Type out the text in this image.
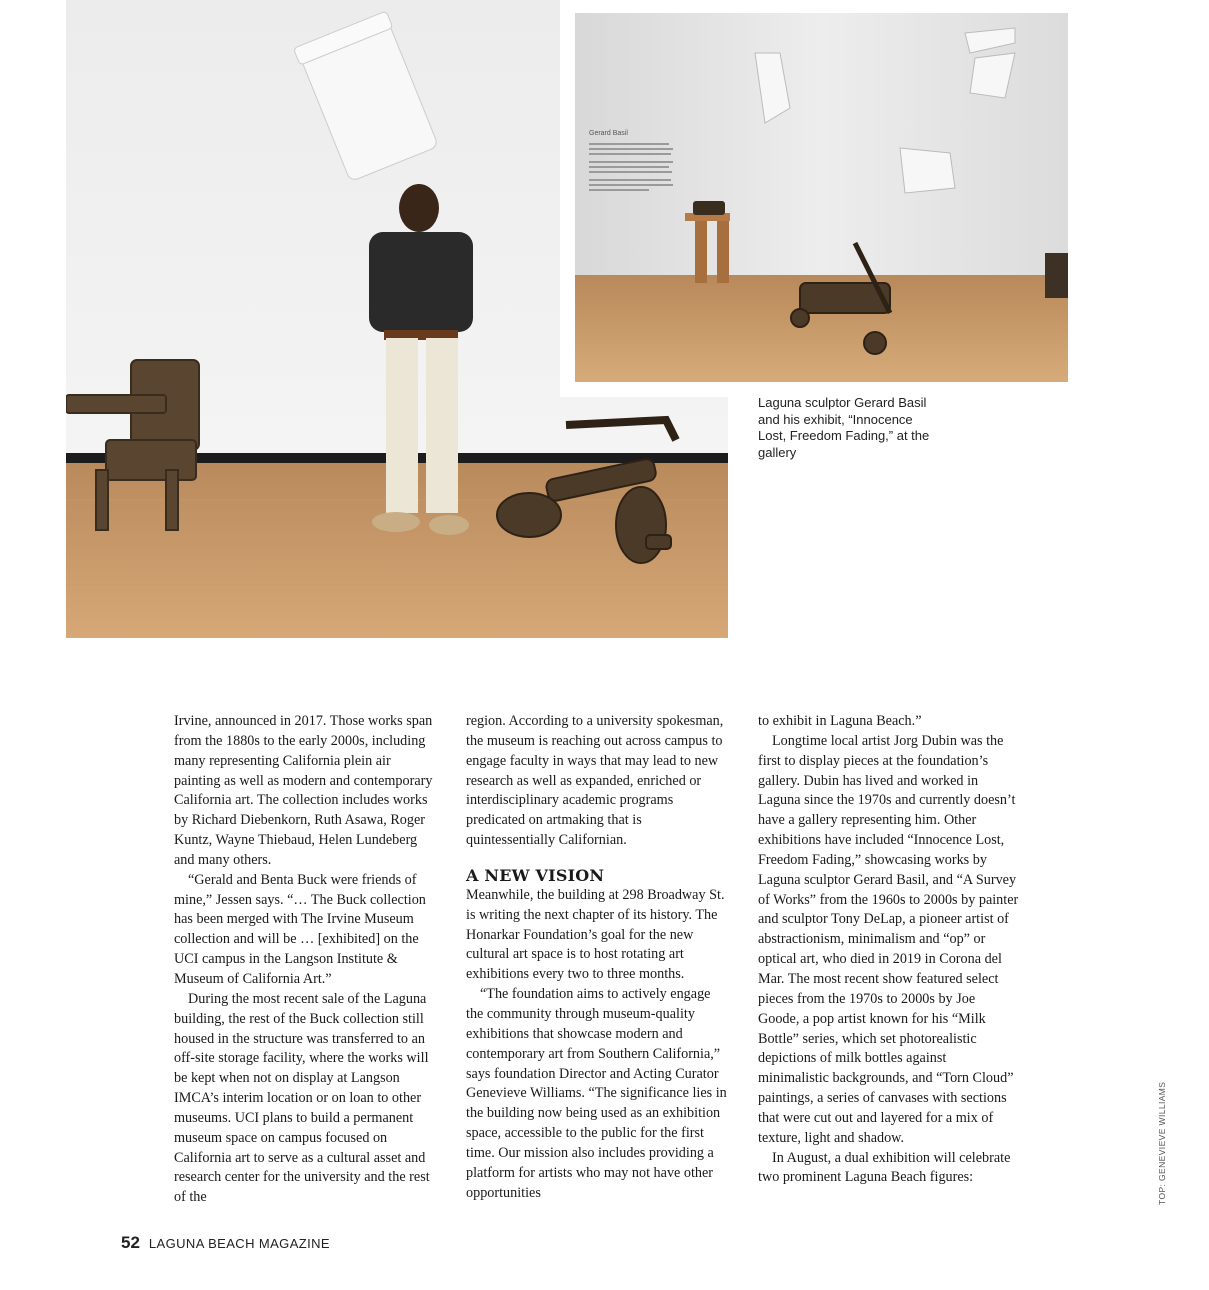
Gerard Basil
Laguna sculptor Gerard Basil and his exhibit, “Innocence Lost, Freedom Fading,” at the gallery

Irvine, announced in 2017. Those works span from the 1880s to the early 2000s, including many representing California plein air painting as well as modern and contemporary California art. The collection includes works by Richard Diebenkorn, Ruth Asawa, Roger Kuntz, Wayne Thiebaud, Helen Lundeberg and many others.

“Gerald and Benta Buck were friends of mine,” Jessen says. “… The Buck collection has been merged with The Irvine Museum collection and will be … [exhibited] on the UCI campus in the Langson Institute & Museum of California Art.”

During the most recent sale of the Laguna building, the rest of the Buck collection still housed in the structure was transferred to an off-site storage facility, where the works will be kept when not on display at Langson IMCA’s interim location or on loan to other museums. UCI plans to build a permanent museum space on campus focused on California art to serve as a cultural asset and research center for the university and the rest of the

region. According to a university spokesman, the museum is reaching out across campus to engage faculty in ways that may lead to new research as well as expanded, enriched or interdisciplinary academic programs predicated on artmaking that is quintessentially Californian.

A NEW VISION

Meanwhile, the building at 298 Broadway St. is writing the next chapter of its history. The Honarkar Foundation’s goal for the new cultural art space is to host rotating art exhibitions every two to three months.

“The foundation aims to actively engage the community through museum-quality exhibitions that showcase modern and contemporary art from Southern California,” says foundation Director and Acting Curator Genevieve Williams. “The significance lies in the building now being used as an exhibition space, accessible to the public for the first time. Our mission also includes providing a platform for artists who may not have other opportunities

to exhibit in Laguna Beach.”

Longtime local artist Jorg Dubin was the first to display pieces at the foundation’s gallery. Dubin has lived and worked in Laguna since the 1970s and currently doesn’t have a gallery representing him. Other exhibitions have included “Innocence Lost, Freedom Fading,” showcasing works by Laguna sculptor Gerard Basil, and “A Survey of Works” from the 1960s to 2000s by painter and sculptor Tony DeLap, a pioneer artist of abstractionism, minimalism and “op” or optical art, who died in 2019 in Corona del Mar. The most recent show featured select pieces from the 1970s to 2000s by Joe Goode, a pop artist known for his “Milk Bottle” series, which set photorealistic depictions of milk bottles against minimalistic backgrounds, and “Torn Cloud” paintings, a series of canvases with sections that were cut out and layered for a mix of texture, light and shadow.

In August, a dual exhibition will celebrate two prominent Laguna Beach figures:	TOP: GENEVIEVE WILLIAMS
52 LAGUNA BEACH MAGAZINE
